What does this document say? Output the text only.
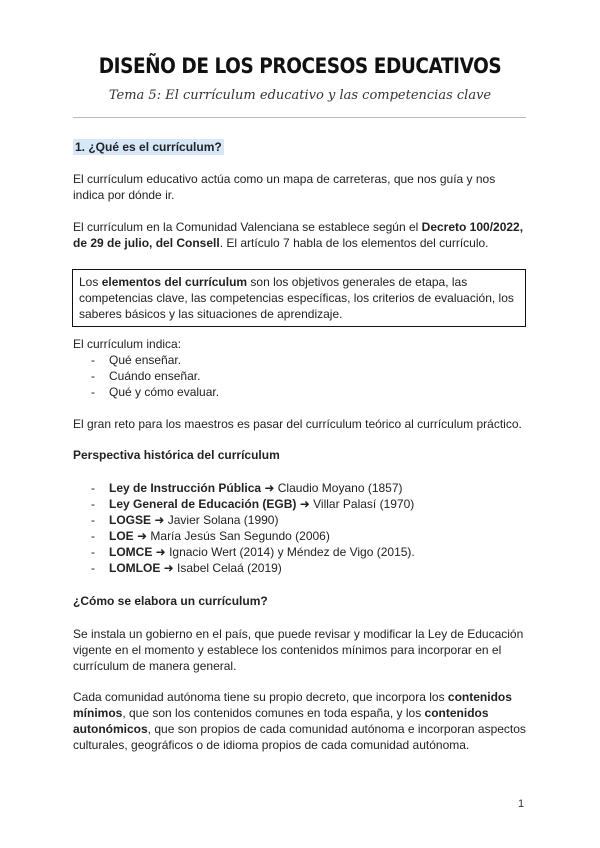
DISEÑO DE LOS PROCESOS EDUCATIVOS
Tema 5: El currículum educativo y las competencias clave
1. ¿Qué es el currículum?
El currículum educativo actúa como un mapa de carreteras, que nos guía y nos indica por dónde ir.
El currículum en la Comunidad Valenciana se establece según el Decreto 100/2022, de 29 de julio, del Consell. El artículo 7 habla de los elementos del currículo.
Los elementos del currículum son los objetivos generales de etapa, las competencias clave, las competencias específicas, los criterios de evaluación, los saberes básicos y las situaciones de aprendizaje.
El currículum indica:
- Qué enseñar.
- Cuándo enseñar.
- Qué y cómo evaluar.
El gran reto para los maestros es pasar del currículum teórico al currículum práctico.
Perspectiva histórica del currículum
- Ley de Instrucción Pública ➜ Claudio Moyano (1857)
- Ley General de Educación (EGB) ➜ Villar Palasí (1970)
- LOGSE ➜ Javier Solana (1990)
- LOE ➜ María Jesús San Segundo (2006)
- LOMCE ➜ Ignacio Wert (2014) y Méndez de Vigo (2015).
- LOMLOE ➜ Isabel Celaá (2019)
¿Cómo se elabora un currículum?
Se instala un gobierno en el país, que puede revisar y modificar la Ley de Educación vigente en el momento y establece los contenidos mínimos para incorporar en el currículum de manera general.
Cada comunidad autónoma tiene su propio decreto, que incorpora los contenidos mínimos, que son los contenidos comunes en toda españa, y los contenidos autonómicos, que son propios de cada comunidad autónoma e incorporan aspectos culturales, geográficos o de idioma propios de cada comunidad autónoma.
1
